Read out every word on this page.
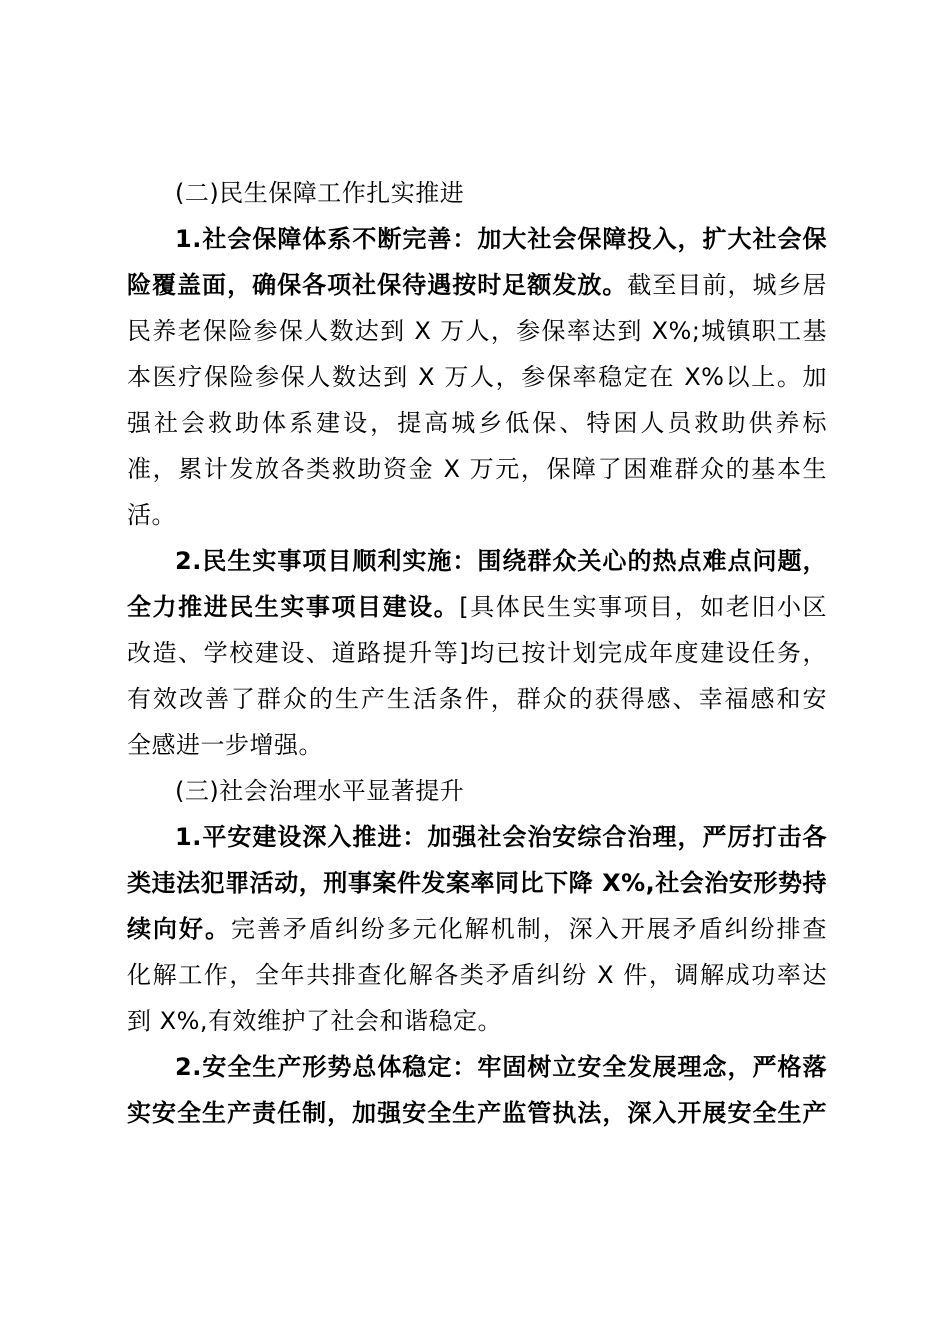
(二)民生保障工作扎实推进
1.社会保障体系不断完善：加大社会保障投入，扩大社会保
险覆盖面，确保各项社保待遇按时足额发放。截至目前，城乡居
民养老保险参保人数达到 X 万人，参保率达到 X%;城镇职工基
本医疗保险参保人数达到 X 万人，参保率稳定在 X%以上。加
强社会救助体系建设，提高城乡低保、特困人员救助供养标
准，累计发放各类救助资金 X 万元，保障了困难群众的基本生
活。
2.民生实事项目顺利实施：围绕群众关心的热点难点问题，
全力推进民生实事项目建设。[具体民生实事项目，如老旧小区
改造、学校建设、道路提升等]均已按计划完成年度建设任务，
有效改善了群众的生产生活条件，群众的获得感、幸福感和安
全感进一步增强。
(三)社会治理水平显著提升
1.平安建设深入推进：加强社会治安综合治理，严厉打击各
类违法犯罪活动，刑事案件发案率同比下降 X%,社会治安形势持
续向好。完善矛盾纠纷多元化解机制，深入开展矛盾纠纷排查
化解工作，全年共排查化解各类矛盾纠纷 X 件，调解成功率达
到 X%,有效维护了社会和谐稳定。
2.安全生产形势总体稳定：牢固树立安全发展理念，严格落
实安全生产责任制，加强安全生产监管执法，深入开展安全生产
